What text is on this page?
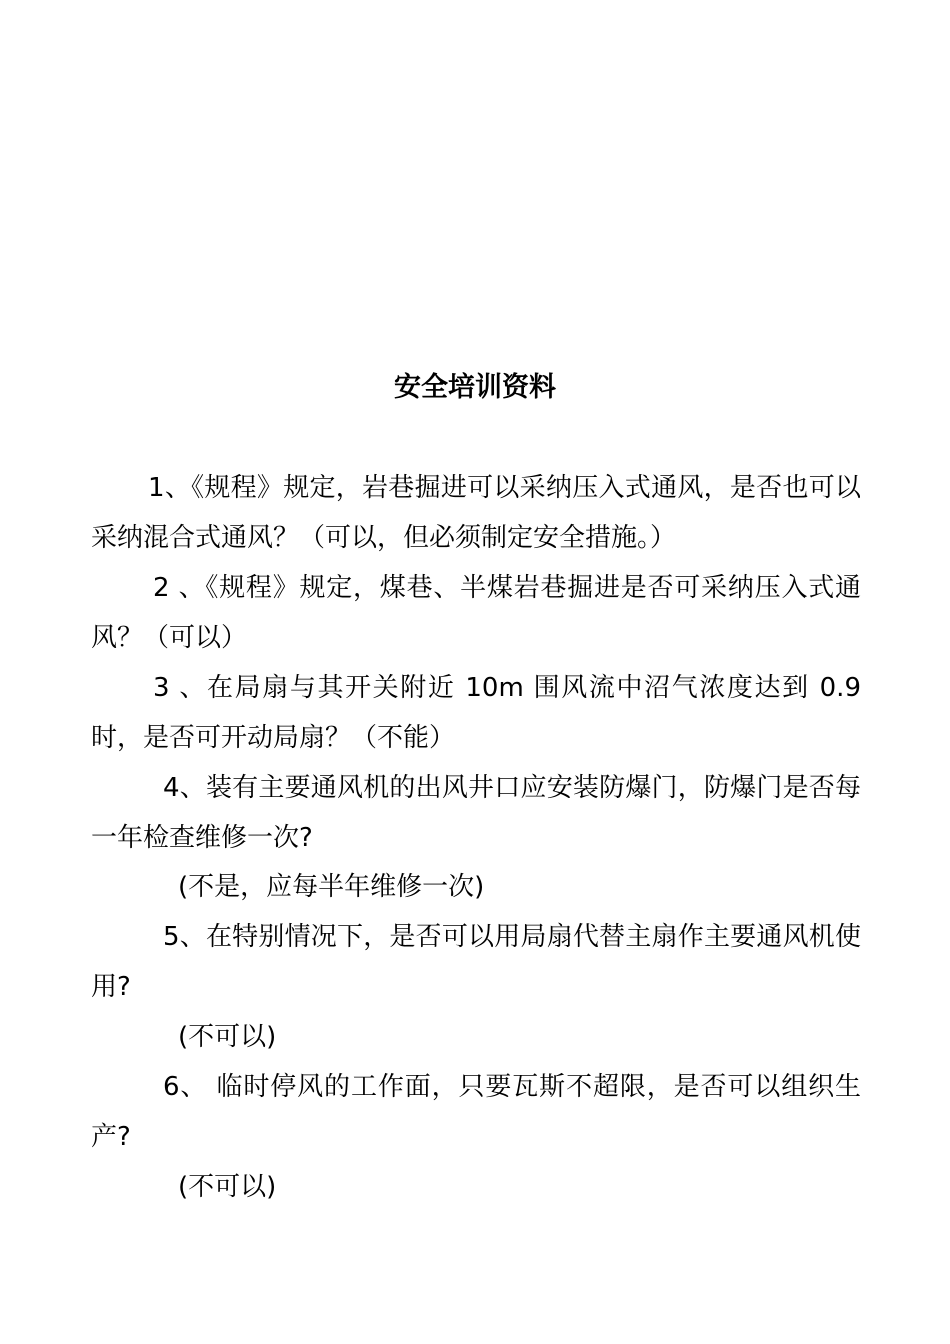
安全培训资料
1、《规程》规定，岩巷掘进可以采纳压入式通风，是否也可以采纳混合式通风？（可以，但必须制定安全措施。）
2 、《规程》规定，煤巷、半煤岩巷掘进是否可采纳压入式通风？（可以）
3 、在局扇与其开关附近 10m 围风流中沼气浓度达到 0.9 时，是否可开动局扇？（不能）
4、装有主要通风机的出风井口应安装防爆门，防爆门是否每一年检查维修一次?
(不是，应每半年维修一次)
5、在特别情况下，是否可以用局扇代替主扇作主要通风机使用?
(不可以)
6、 临时停风的工作面，只要瓦斯不超限，是否可以组织生产?
(不可以)
